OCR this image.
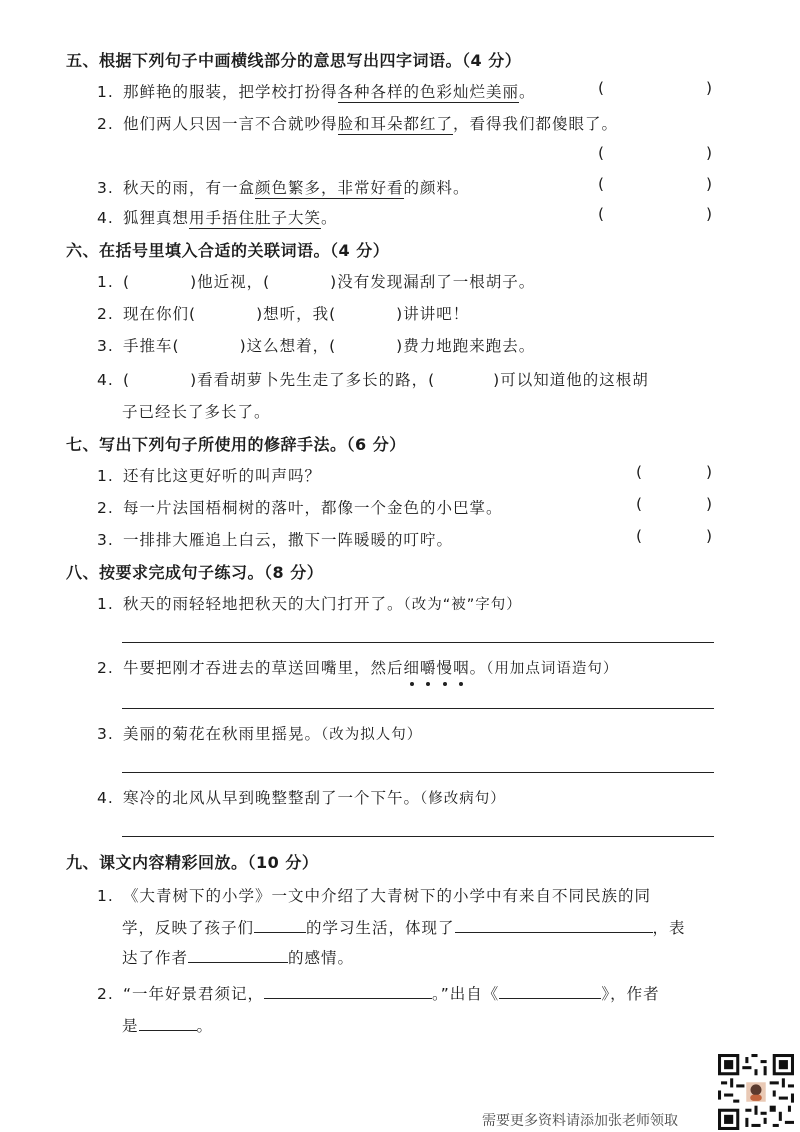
五、根据下列句子中画横线部分的意思写出四字词语。（4 分）
1. 那鲜艳的服装，把学校打扮得各种各样的色彩灿烂美丽。	(	)
2. 他们两人只因一言不合就吵得脸和耳朵都红了，看得我们都傻眼了。
(	)
3. 秋天的雨，有一盒颜色繁多，非常好看的颜料。	(	)
4. 狐狸真想用手捂住肚子大笑。	(	)
六、在括号里填入合适的关联词语。（4 分）
1. (	)他近视，(	)没有发现漏刮了一根胡子。
2. 现在你们(	)想听，我(	)讲讲吧！
3. 手推车(	)这么想着，(	)费力地跑来跑去。
4. (	)看看胡萝卜先生走了多长的路，(	)可以知道他的这根胡
子已经长了多长了。
七、写出下列句子所使用的修辞手法。（6 分）
1. 还有比这更好听的叫声吗？	(	)
2. 每一片法国梧桐树的落叶，都像一个金色的小巴掌。	(	)
3. 一排排大雁追上白云，撒下一阵暖暖的叮咛。	(	)
八、按要求完成句子练习。（8 分）
1. 秋天的雨轻轻地把秋天的大门打开了。（改为“被”字句）
2. 牛要把刚才吞进去的草送回嘴里，然后细嚼慢咽。（用加点词语造句）
3. 美丽的菊花在秋雨里摇晃。（改为拟人句）
4. 寒冷的北风从早到晚整整刮了一个下午。（修改病句）
九、课文内容精彩回放。（10 分）
1. 《大青树下的小学》一文中介绍了大青树下的小学中有来自不同民族的同
学，反映了孩子们	的学习生活，体现了	，表
达了作者	的感情。
2. “一年好景君须记，	。”出自《	》，作者
是	。
需要更多资料请添加张老师领取
